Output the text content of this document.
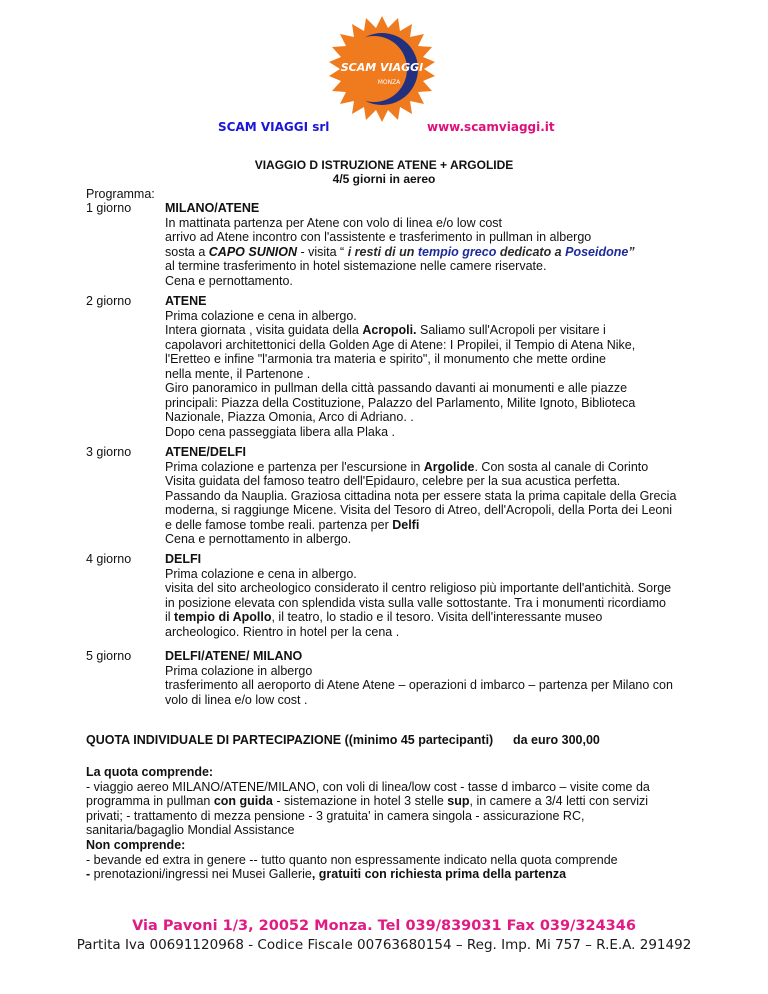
SCAM VIAGGI
MONZA
SCAM VIAGGI srl	www.scamviaggi.it
VIAGGIO D ISTRUZIONE ATENE + ARGOLIDE
4/5 giorni in aereo
Programma:
1 giorno	MILANO/ATENE
In mattinata partenza per Atene con volo di linea e/o low cost
arrivo ad Atene incontro con l'assistente e trasferimento in pullman in albergo
sosta a CAPO SUNION - visita “ i resti di un tempio greco dedicato a Poseidone”
al termine trasferimento in hotel sistemazione nelle camere riservate.
Cena e pernottamento.
2 giorno	ATENE
Prima colazione e cena in albergo.
Intera giornata , visita guidata della Acropoli. Saliamo sull'Acropoli per visitare i
capolavori architettonici della Golden Age di Atene: I Propilei, il Tempio di Atena Nike,
l'Eretteo e infine "l'armonia tra materia e spirito", il monumento che mette ordine
nella mente, il Partenone .
Giro panoramico in pullman della città passando davanti ai monumenti e alle piazze
principali: Piazza della Costituzione, Palazzo del Parlamento, Milite Ignoto, Biblioteca
Nazionale, Piazza Omonia, Arco di Adriano. .
Dopo cena passeggiata libera alla Plaka .
3 giorno	ATENE/DELFI
Prima colazione e partenza per l'escursione in Argolide. Con sosta al canale di Corinto
Visita guidata del famoso teatro dell'Epidauro, celebre per la sua acustica perfetta.
Passando da Nauplia. Graziosa cittadina nota per essere stata la prima capitale della Grecia
moderna, si raggiunge Micene. Visita del Tesoro di Atreo, dell'Acropoli, della Porta dei Leoni
e delle famose tombe reali. partenza per Delfi
Cena e pernottamento in albergo.
4 giorno	DELFI
Prima colazione e cena in albergo.
visita del sito archeologico considerato il centro religioso più importante dell'antichità. Sorge
in posizione elevata con splendida vista sulla valle sottostante. Tra i monumenti ricordiamo
il tempio di Apollo, il teatro, lo stadio e il tesoro. Visita dell'interessante museo
archeologico. Rientro in hotel per la cena .
5 giorno	DELFI/ATENE/ MILANO
Prima colazione in albergo
trasferimento all aeroporto di Atene Atene – operazioni d imbarco – partenza per Milano con
volo di linea e/o low cost .
QUOTA INDIVIDUALE DI PARTECIPAZIONE ((minimo 45 partecipanti) da euro 300,00
La quota comprende:
- viaggio aereo MILANO/ATENE/MILANO, con voli di linea/low cost - tasse d imbarco – visite come da
programma in pullman con guida - sistemazione in hotel 3 stelle sup, in camere a 3/4 letti con servizi
privati; - trattamento di mezza pensione - 3 gratuita' in camera singola - assicurazione RC,
sanitaria/bagaglio Mondial Assistance
Non comprende:
- bevande ed extra in genere -- tutto quanto non espressamente indicato nella quota comprende
- prenotazioni/ingressi nei Musei Gallerie, gratuiti con richiesta prima della partenza
Via Pavoni 1/3, 20052 Monza. Tel 039/839031 Fax 039/324346
Partita Iva 00691120968 - Codice Fiscale 00763680154 – Reg. Imp. Mi 757 – R.E.A. 291492
